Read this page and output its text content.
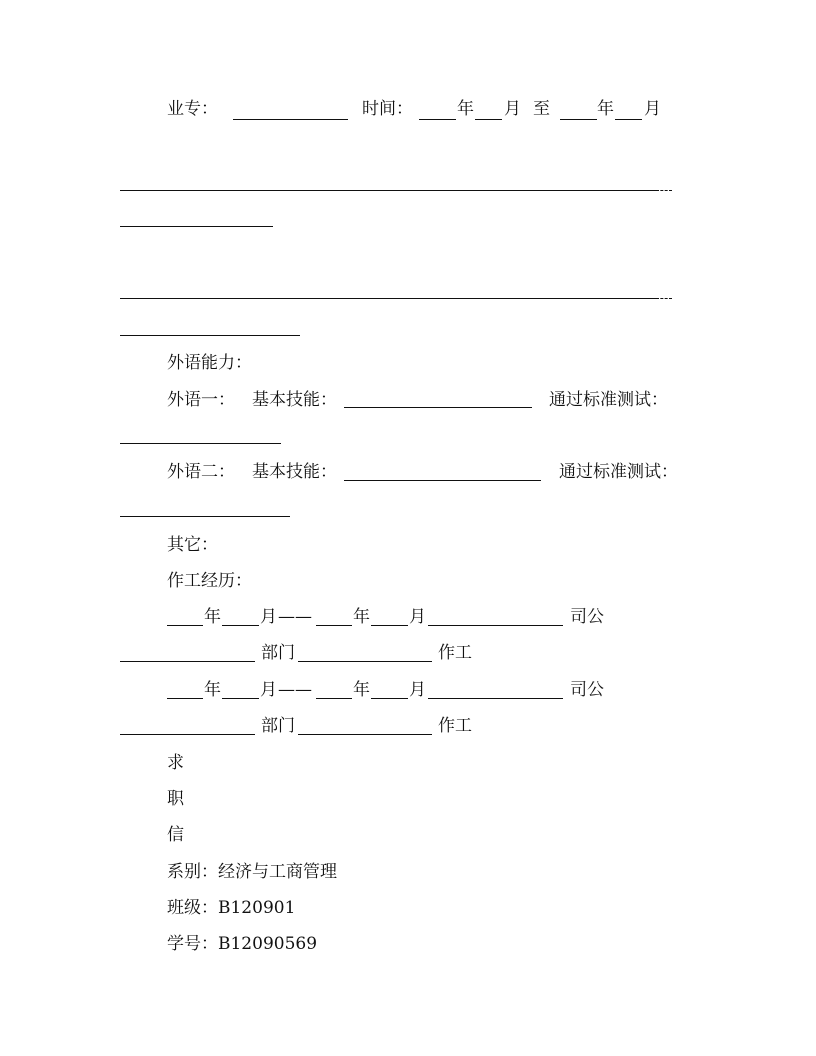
业专：	时间：	年 月 至	年 月
外语能力：
外语一： 基本技能：	通过标准测试：
外语二： 基本技能：	通过标准测试：
其它：
作工经历：
年 月 —— 年 月	司公
部门	作工
年 月 —— 年 月	司公
部门	作工
求
职
信
系别：经济与工商管理
班级：B120901
学号：B12090569
